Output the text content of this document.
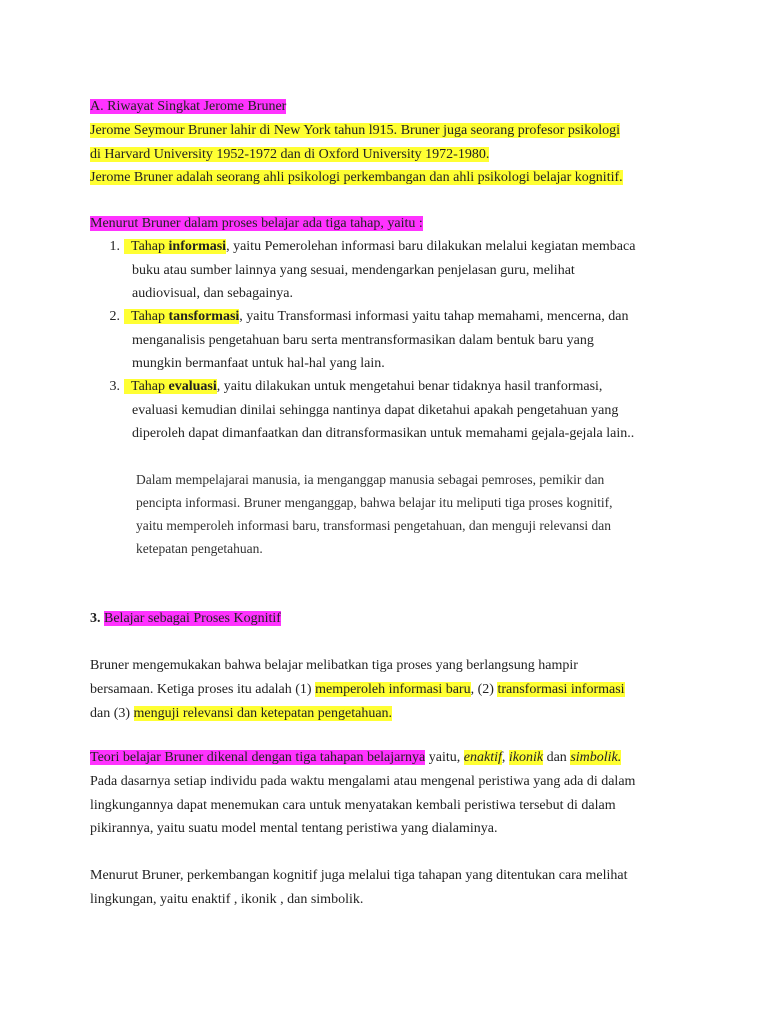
A. Riwayat Singkat Jerome Bruner
Jerome Seymour Bruner lahir di New York tahun l915. Bruner juga seorang profesor psikologi
di Harvard University 1952-1972 dan di Oxford University 1972-1980.
Jerome Bruner adalah seorang ahli psikologi perkembangan dan ahli psikologi belajar kognitif.
Menurut Bruner dalam proses belajar ada tiga tahap, yaitu :
1. Tahap informasi, yaitu Pemerolehan informasi baru dilakukan melalui kegiatan membaca
buku atau sumber lainnya yang sesuai, mendengarkan penjelasan guru, melihat
audiovisual, dan sebagainya.
2. Tahap tansformasi, yaitu Transformasi informasi yaitu tahap memahami, mencerna, dan
menganalisis pengetahuan baru serta mentransformasikan dalam bentuk baru yang
mungkin bermanfaat untuk hal-hal yang lain.
3. Tahap evaluasi, yaitu dilakukan untuk mengetahui benar tidaknya hasil tranformasi,
evaluasi kemudian dinilai sehingga nantinya dapat diketahui apakah pengetahuan yang
diperoleh dapat dimanfaatkan dan ditransformasikan untuk memahami gejala-gejala lain..
Dalam mempelajarai manusia, ia menganggap manusia sebagai pemroses, pemikir dan
pencipta informasi. Bruner menganggap, bahwa belajar itu meliputi tiga proses kognitif,
yaitu memperoleh informasi baru, transformasi pengetahuan, dan menguji relevansi dan
ketepatan pengetahuan.
3. Belajar sebagai Proses Kognitif
Bruner mengemukakan bahwa belajar melibatkan tiga proses yang berlangsung hampir
bersamaan. Ketiga proses itu adalah (1) memperoleh informasi baru, (2) transformasi informasi
dan (3) menguji relevansi dan ketepatan pengetahuan.
Teori belajar Bruner dikenal dengan tiga tahapan belajarnya yaitu, enaktif, ikonik dan simbolik.
Pada dasarnya setiap individu pada waktu mengalami atau mengenal peristiwa yang ada di dalam
lingkungannya dapat menemukan cara untuk menyatakan kembali peristiwa tersebut di dalam
pikirannya, yaitu suatu model mental tentang peristiwa yang dialaminya.
Menurut Bruner, perkembangan kognitif juga melalui tiga tahapan yang ditentukan cara melihat
lingkungan, yaitu enaktif , ikonik , dan simbolik.
